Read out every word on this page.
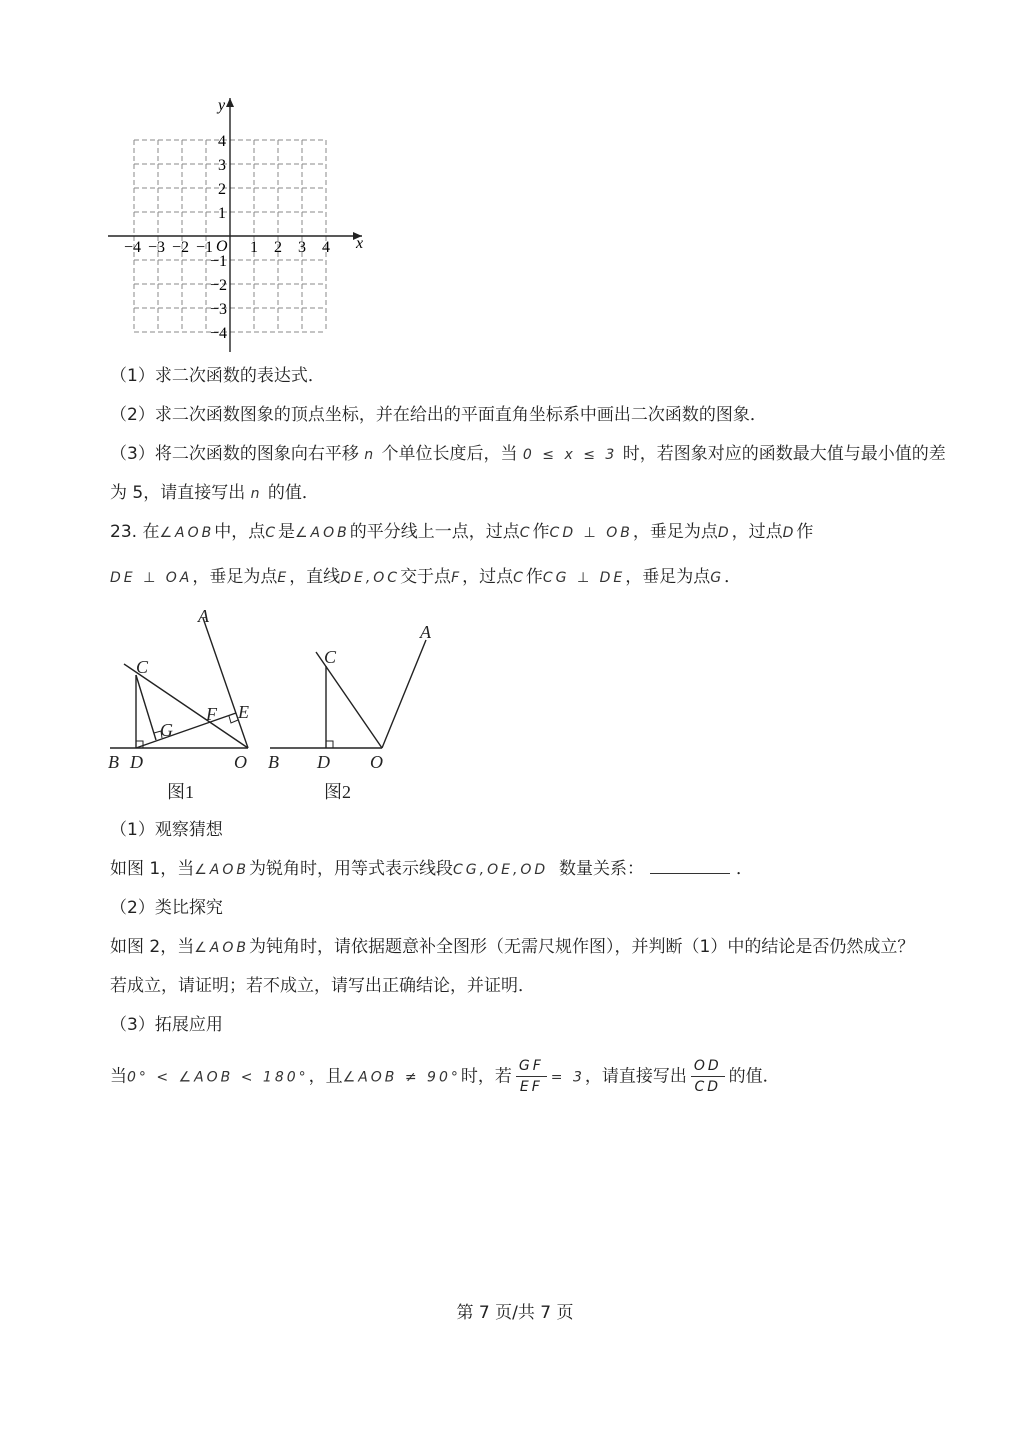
x
y
O
−4 −3 −2 −1 1 2 3 4
4
3
2
1
−1
−2
−3
−4
（1）求二次函数的表达式．
（2）求二次函数图象的顶点坐标，并在给出的平面直角坐标系中画出二次函数的图象．
（3）将二次函数的图象向右平移 n 个单位长度后，当 0 ≤ x ≤ 3 时，若图象对应的函数最大值与最小值的差
为 5，请直接写出 n 的值．
23. 在∠AOB中，点C是∠AOB的平分线上一点，过点C作CD ⊥ OB，垂足为点D，过点D作
DE ⊥ OA，垂足为点E，直线DE,OC交于点F，过点C作CG ⊥ DE，垂足为点G．
A
C
F E
G
B D	O
图1
A
C
B D O
图2
（1）观察猜想
如图 1，当∠AOB为锐角时，用等式表示线段CG,OE,OD 数量关系：	．
（2）类比探究
如图 2，当∠AOB为钝角时，请依据题意补全图形（无需尺规作图），并判断（1）中的结论是否仍然成立？
若成立，请证明；若不成立，请写出正确结论，并证明．
（3）拓展应用
当0° < ∠AOB < 180°，且∠AOB ≠ 90°时，若 $\frac{GF}{EF} = 3$，请直接写出 $\frac{OD}{CD}$ 的值．
第 7 页/共 7 页
